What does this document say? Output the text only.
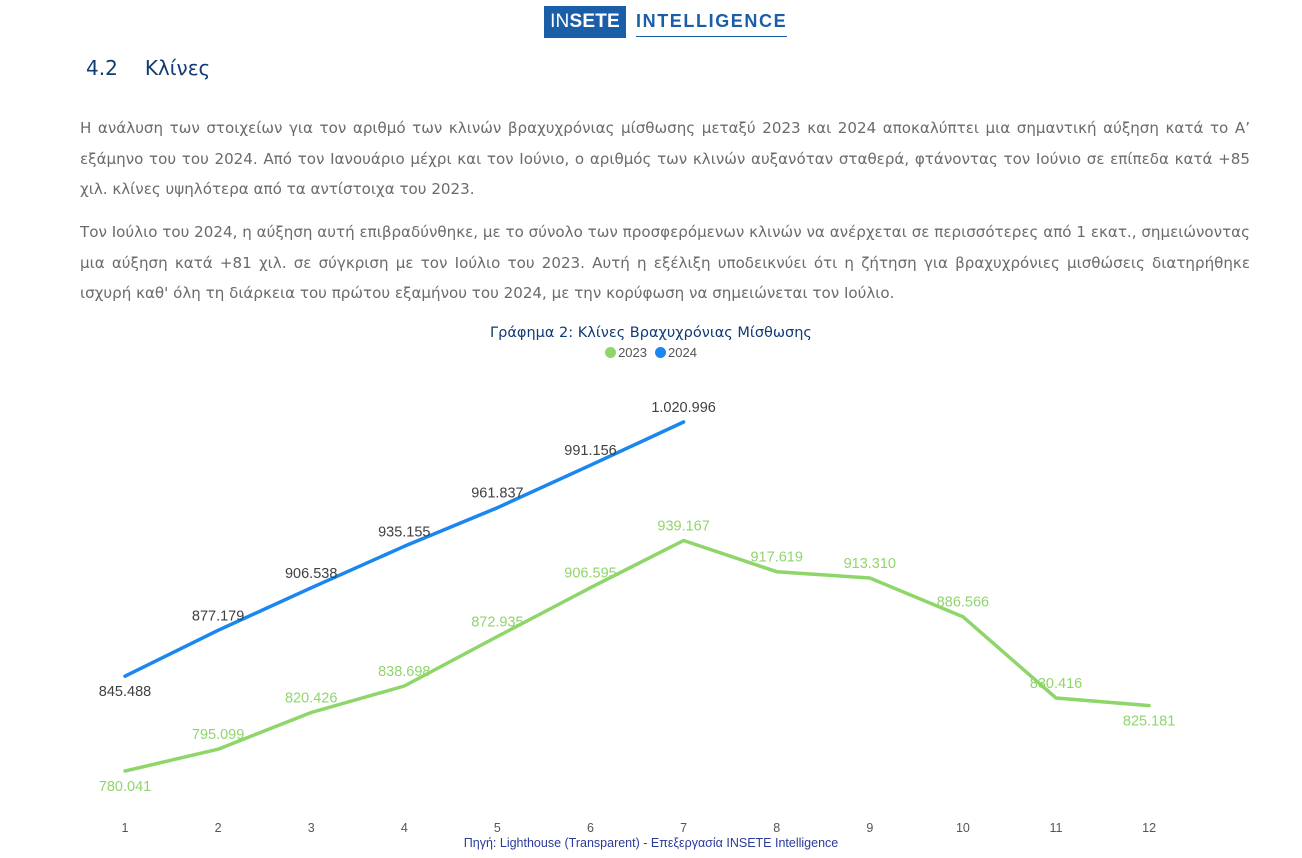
IN SETE INTELLIGENCE
4.2 Κλίνες

Η ανάλυση των στοιχείων για τον αριθμό των κλινών βραχυχρόνιας μίσθωσης μεταξύ 2023 και 2024 αποκαλύπτει μια σημαντική αύξηση κατά το Α’ εξάμηνο του του 2024. Από τον Ιανουάριο μέχρι και τον Ιούνιο, ο αριθμός των κλινών αυξανόταν σταθερά, φτάνοντας τον Ιούνιο σε επίπεδα κατά +85 χιλ. κλίνες υψηλότερα από τα αντίστοιχα του 2023.

Τον Ιούλιο του 2024, η αύξηση αυτή επιβραδύνθηκε, με το σύνολο των προσφερόμενων κλινών να ανέρχεται σε περισσότερες από 1 εκατ., σημειώνοντας μια αύξηση κατά +81 χιλ. σε σύγκριση με τον Ιούλιο του 2023. Αυτή η εξέλιξη υποδεικνύει ότι η ζήτηση για βραχυχρόνιες μισθώσεις διατηρήθηκε ισχυρή καθ' όλη τη διάρκεια του πρώτου εξαμήνου του 2024, με την κορύφωση να σημειώνεται τον Ιούλιο.

Γράφημα 2: Κλίνες Βραχυχρόνιας Μίσθωσης
2023 2024
780.041
795.099
820.426
838.698
872.935
906.595
939.167
917.619	913.310
886.566
830.416
825.181
845.488
877.179
906.538
935.155
961.837
991.156
1.020.996
1	2	3	4	5	6	7	8	9	10	11	12
Πηγή: Lighthouse (Transparent) - Επεξεργασία INSETE Intelligence
